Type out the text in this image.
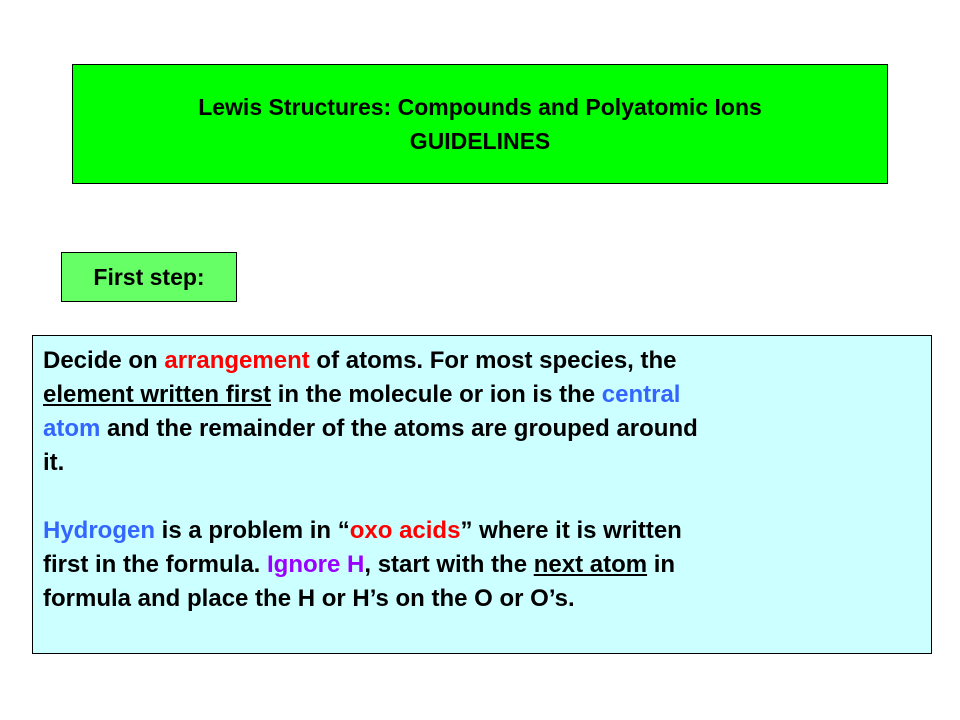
Lewis Structures: Compounds and Polyatomic Ions
GUIDELINES
First step:
Decide on arrangement of atoms. For most species, the
element written first in the molecule or ion is the central
atom and the remainder of the atoms are grouped around
it.
Hydrogen is a problem in “oxo acids” where it is written
first in the formula. Ignore H, start with the next atom in
formula and place the H or H’s on the O or O’s.
